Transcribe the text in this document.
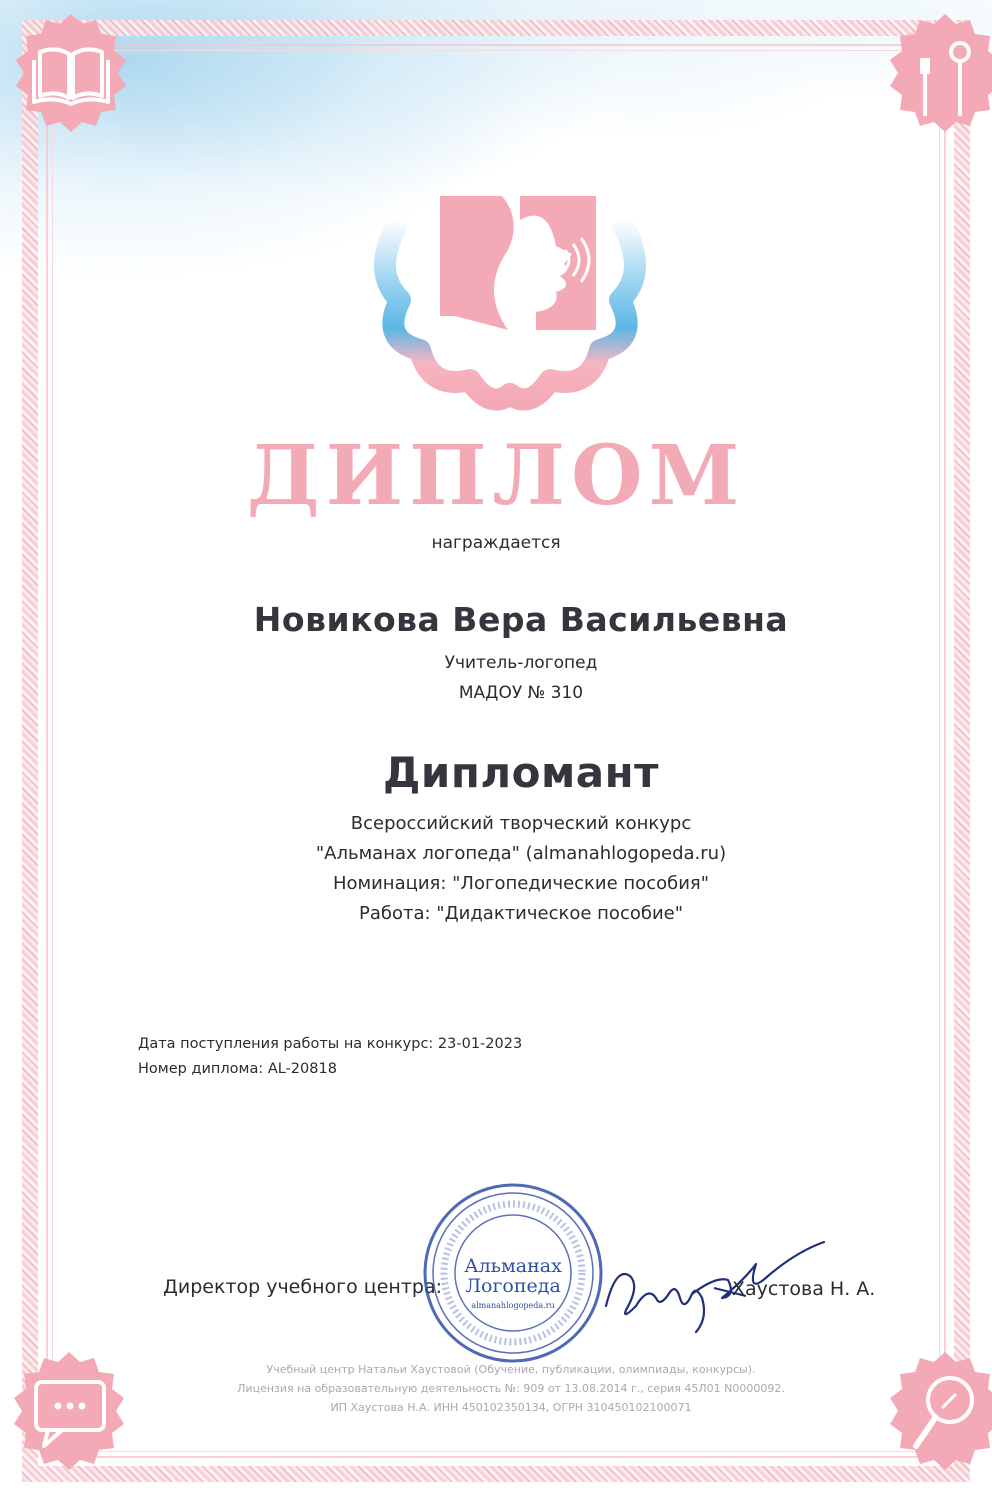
ДИПЛОМ
награждается
Новикова Вера Васильевна
Учитель-логопед
МАДОУ № 310
Дипломант
Всероссийский творческий конкурс
"Альманах логопеда" (almanahlogopeda.ru)
Номинация: "Логопедические пособия"
Работа: "Дидактическое пособие"
Дата поступления работы на конкурс: 23-01-2023
Номер диплома: AL-20818
Директор учебного центра:
Альманах
Логопеда
almanahlogopeda.ru
Хаустова Н. А.
Учебный центр Натальи Хаустовой (Обучение, публикации, олимпиады, конкурсы).
Лицензия на образовательную деятельность №: 909 от 13.08.2014 г., серия 45Л01 N0000092.
ИП Хаустова Н.А. ИНН 450102350134, ОГРН 310450102100071
